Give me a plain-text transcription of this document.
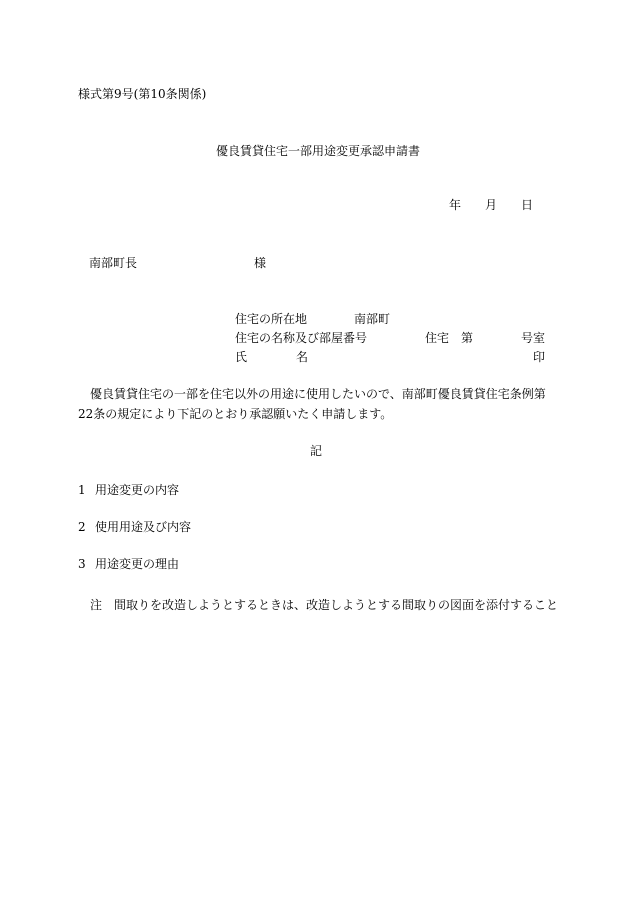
様式第9号(第10条関係)
優良賃貸住宅一部用途変更承認申請書
年 月 日
南部町長	様
住宅の所在地	南部町
住宅の名称及び部屋番号	住宅 第	号室
氏	名	印
優良賃貸住宅の一部を住宅以外の用途に使用したいので、南部町優良賃貸住宅条例第22条の規定により下記のとおり承認願いたく申請します。
記
1 用途変更の内容
2 使用用途及び内容
3 用途変更の理由
注 間取りを改造しようとするときは、改造しようとする間取りの図面を添付すること
